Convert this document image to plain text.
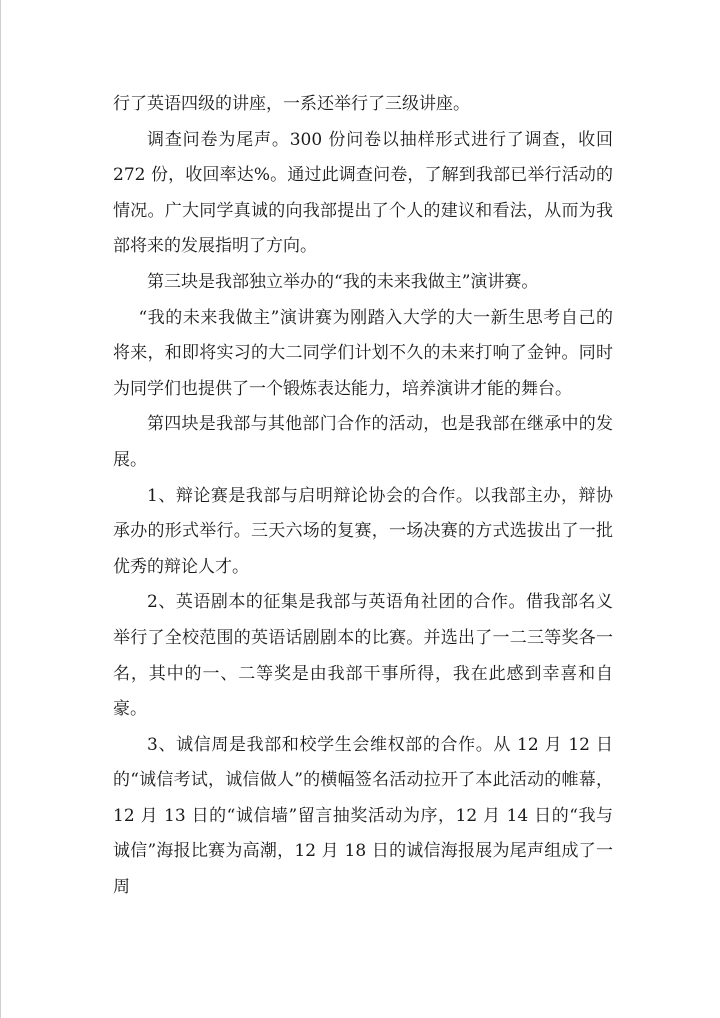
行了英语四级的讲座，一系还举行了三级讲座。

调查问卷为尾声。300 份问卷以抽样形式进行了调查，收回 272 份，收回率达%。通过此调查问卷，了解到我部已举行活动的情况。广大同学真诚的向我部提出了个人的建议和看法，从而为我部将来的发展指明了方向。

第三块是我部独立举办的“我的未来我做主”演讲赛。

“我的未来我做主”演讲赛为刚踏入大学的大一新生思考自己的将来，和即将实习的大二同学们计划不久的未来打响了金钟。同时为同学们也提供了一个锻炼表达能力，培养演讲才能的舞台。

第四块是我部与其他部门合作的活动，也是我部在继承中的发展。

1、辩论赛是我部与启明辩论协会的合作。以我部主办，辩协承办的形式举行。三天六场的复赛，一场决赛的方式选拔出了一批优秀的辩论人才。

2、英语剧本的征集是我部与英语角社团的合作。借我部名义举行了全校范围的英语话剧剧本的比赛。并选出了一二三等奖各一名，其中的一、二等奖是由我部干事所得，我在此感到幸喜和自豪。

3、诚信周是我部和校学生会维权部的合作。从 12 月 12 日的“诚信考试，诚信做人”的横幅签名活动拉开了本此活动的帷幕，12 月 13 日的“诚信墙”留言抽奖活动为序，12 月 14 日的“我与诚信”海报比赛为高潮，12 月 18 日的诚信海报展为尾声组成了一周
